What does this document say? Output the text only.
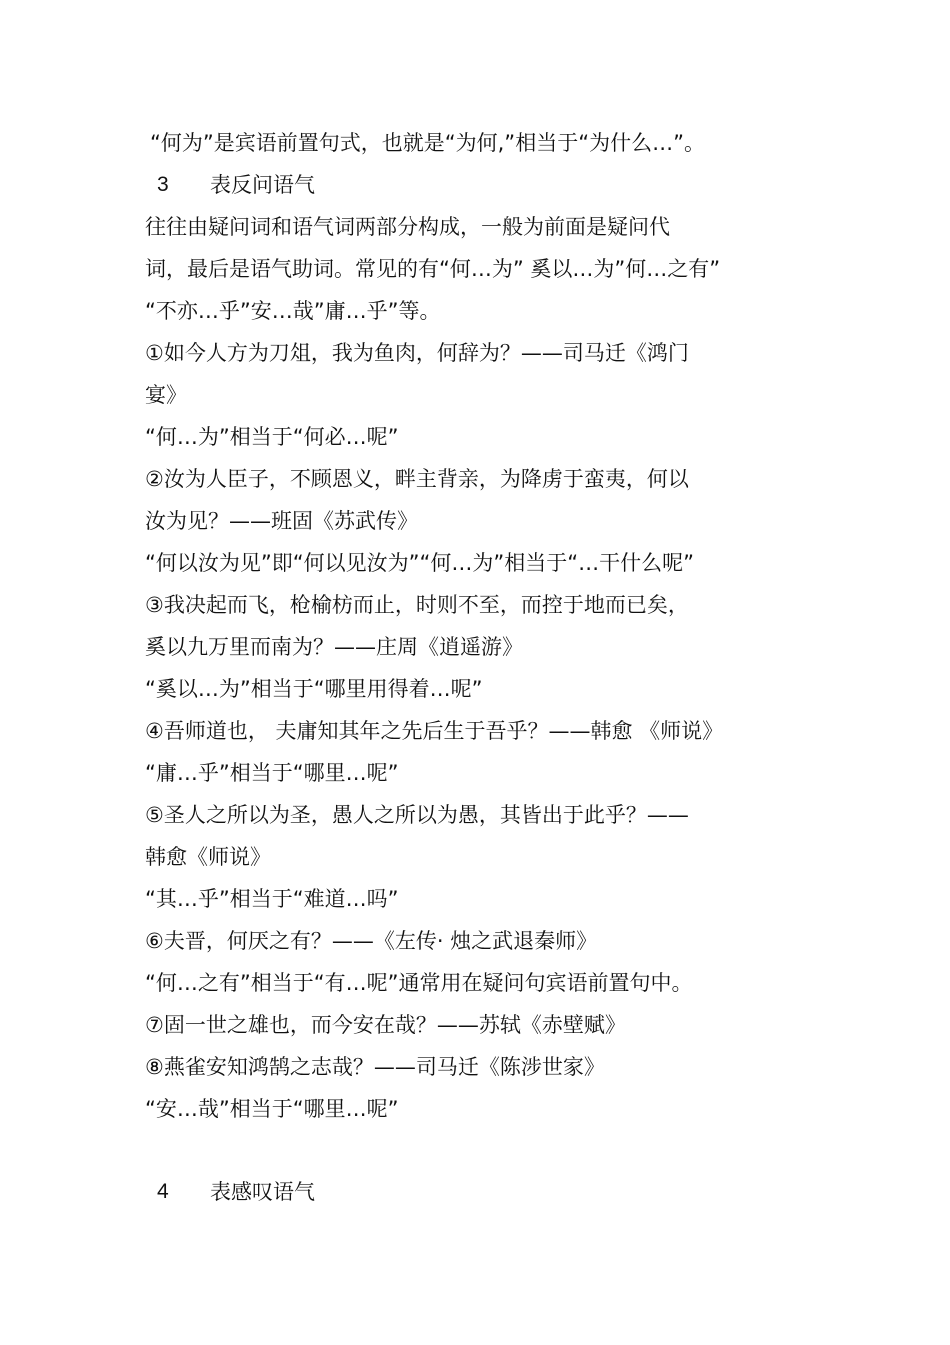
“何为”是宾语前置句式，也就是“为何,”相当于“为什么…”。
3 表反问语气
往往由疑问词和语气词两部分构成，一般为前面是疑问代
词，最后是语气助词。常见的有“何…为” 奚以…为”何…之有”
“不亦…乎”安…哉”庸…乎”等。
①如今人方为刀俎，我为鱼肉，何辞为？——司马迁《鸿门
宴》
“何…为”相当于“何必…呢”
②汝为人臣子，不顾恩义，畔主背亲，为降虏于蛮夷，何以
汝为见？——班固《苏武传》
“何以汝为见”即“何以见汝为”“何…为”相当于“…干什么呢”
③我决起而飞，枪榆枋而止，时则不至，而控于地而已矣，
奚以九万里而南为？——庄周《逍遥游》
“奚以…为”相当于“哪里用得着…呢”
④吾师道也， 夫庸知其年之先后生于吾乎？——韩愈 《师说》
“庸…乎”相当于“哪里…呢”
⑤圣人之所以为圣，愚人之所以为愚，其皆出于此乎？——
韩愈《师说》
“其…乎”相当于“难道…吗”
⑥夫晋，何厌之有？——《左传· 烛之武退秦师》
“何…之有”相当于“有…呢”通常用在疑问句宾语前置句中。
⑦固一世之雄也，而今安在哉？——苏轼《赤壁赋》
⑧燕雀安知鸿鹄之志哉？——司马迁《陈涉世家》
“安…哉”相当于“哪里…呢”
4 表感叹语气
